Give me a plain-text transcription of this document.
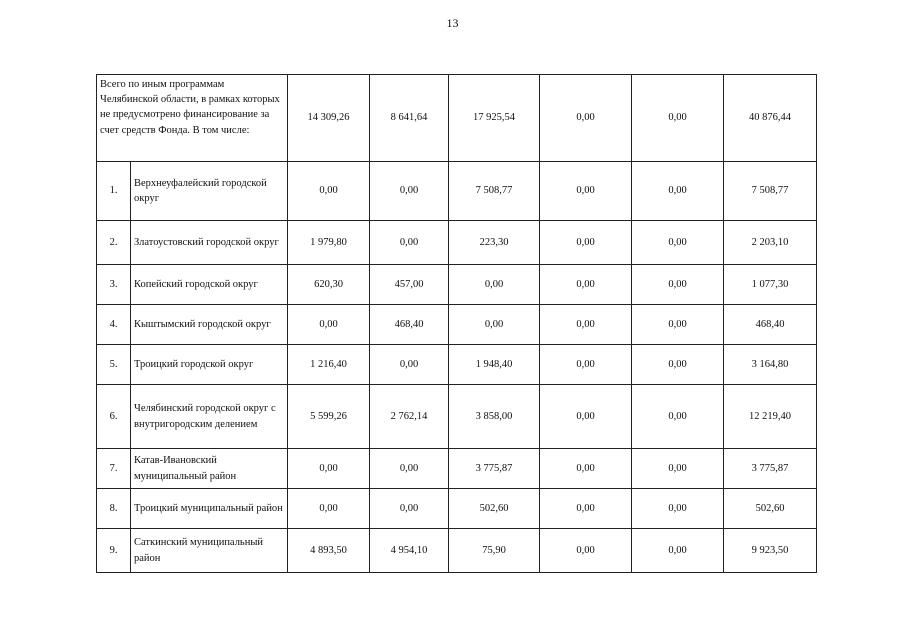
13
Всего по иным программам Челябинской области, в рамках которых не предусмотрено финансирование за счет средств Фонда. В том числе:		14 309,26	8 641,64	17 925,54	0,00	0,00	40 876,44
1.	Верхнеуфалейский городской округ	0,00	0,00	7 508,77	0,00	0,00	7 508,77
2.	Златоустовский городской округ	1 979,80	0,00	223,30	0,00	0,00	2 203,10
3.	Копейский городской округ	620,30	457,00	0,00	0,00	0,00	1 077,30
4.	Кыштымский городской округ	0,00	468,40	0,00	0,00	0,00	468,40
5.	Троицкий городской округ	1 216,40	0,00	1 948,40	0,00	0,00	3 164,80
6.	Челябинский городской округ с внутригородским делением	5 599,26	2 762,14	3 858,00	0,00	0,00	12 219,40
7.	Катав-Ивановский муниципальный район	0,00	0,00	3 775,87	0,00	0,00	3 775,87
8.	Троицкий муниципальный район	0,00	0,00	502,60	0,00	0,00	502,60
9.	Саткинский муниципальный район	4 893,50	4 954,10	75,90	0,00	0,00	9 923,50
